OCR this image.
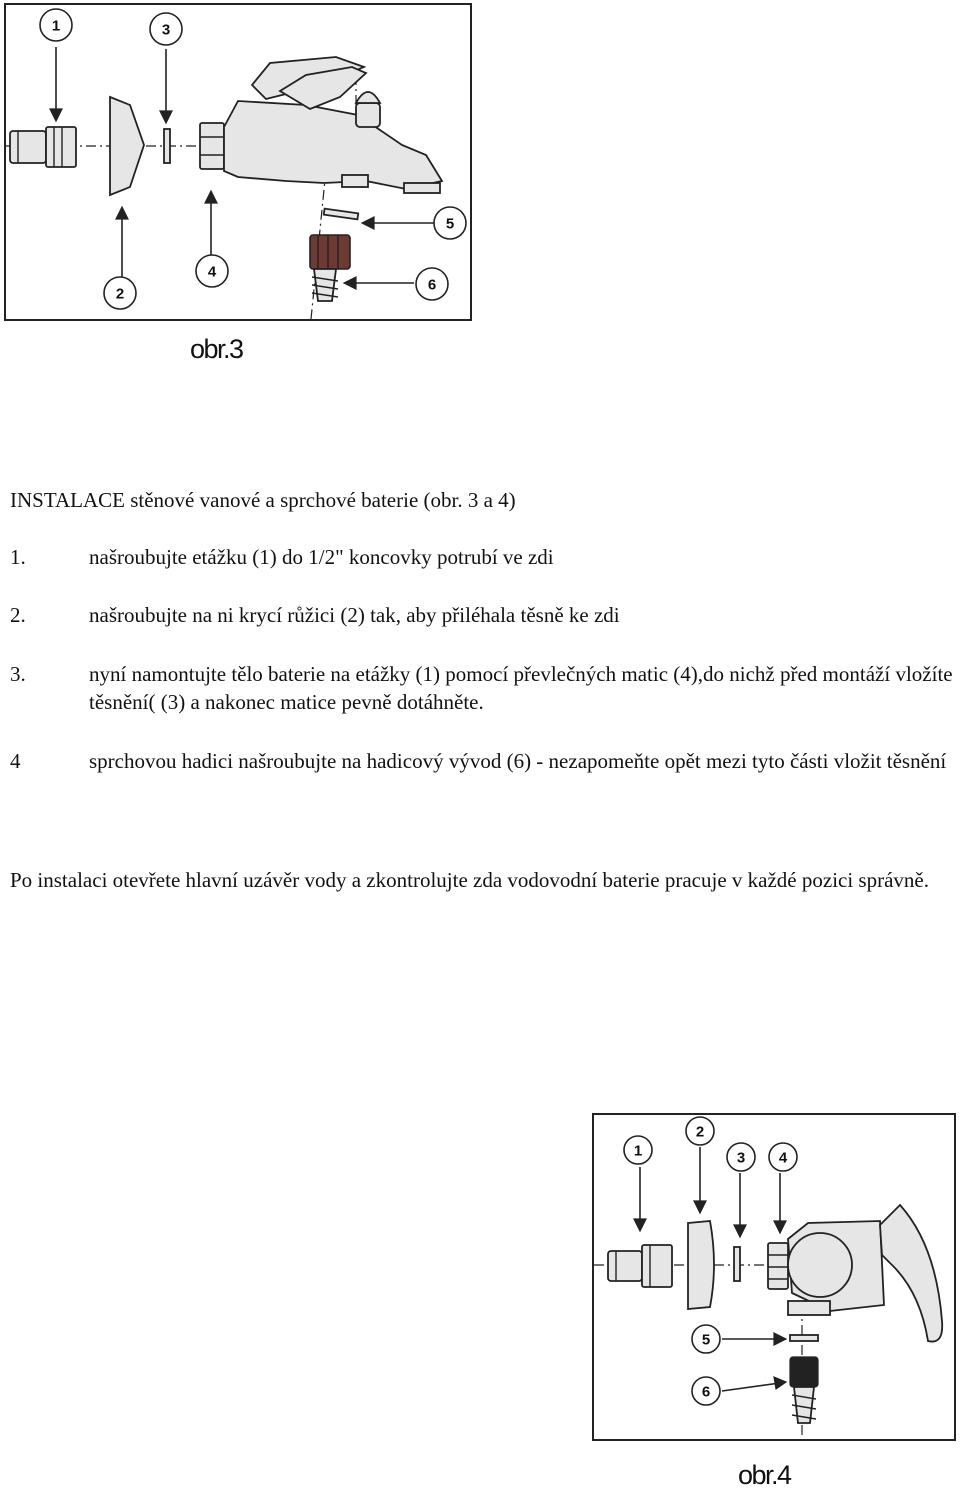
1	3
5
2
4
6
obr.3

INSTALACE stěnové vanové a sprchové baterie (obr. 3 a 4)

1.	našroubujte etážku (1) do 1/2" koncovky potrubí ve zdi
2.	našroubujte na ni krycí růžici (2) tak, aby přiléhala těsně ke zdi
3.	nyní namontujte tělo baterie na etážky (1) pomocí převlečných matic (4),do nichž před montáží vložíte těsnění( (3) a nakonec matice pevně dotáhněte.
4	sprchovou hadici našroubujte na hadicový vývod (6) - nezapomeňte opět mezi tyto části vložit těsnění

Po instalaci otevřete hlavní uzávěr vody a zkontrolujte zda vodovodní baterie pracuje v každé pozici správně.

2
1	3 4
5
6
obr.4
